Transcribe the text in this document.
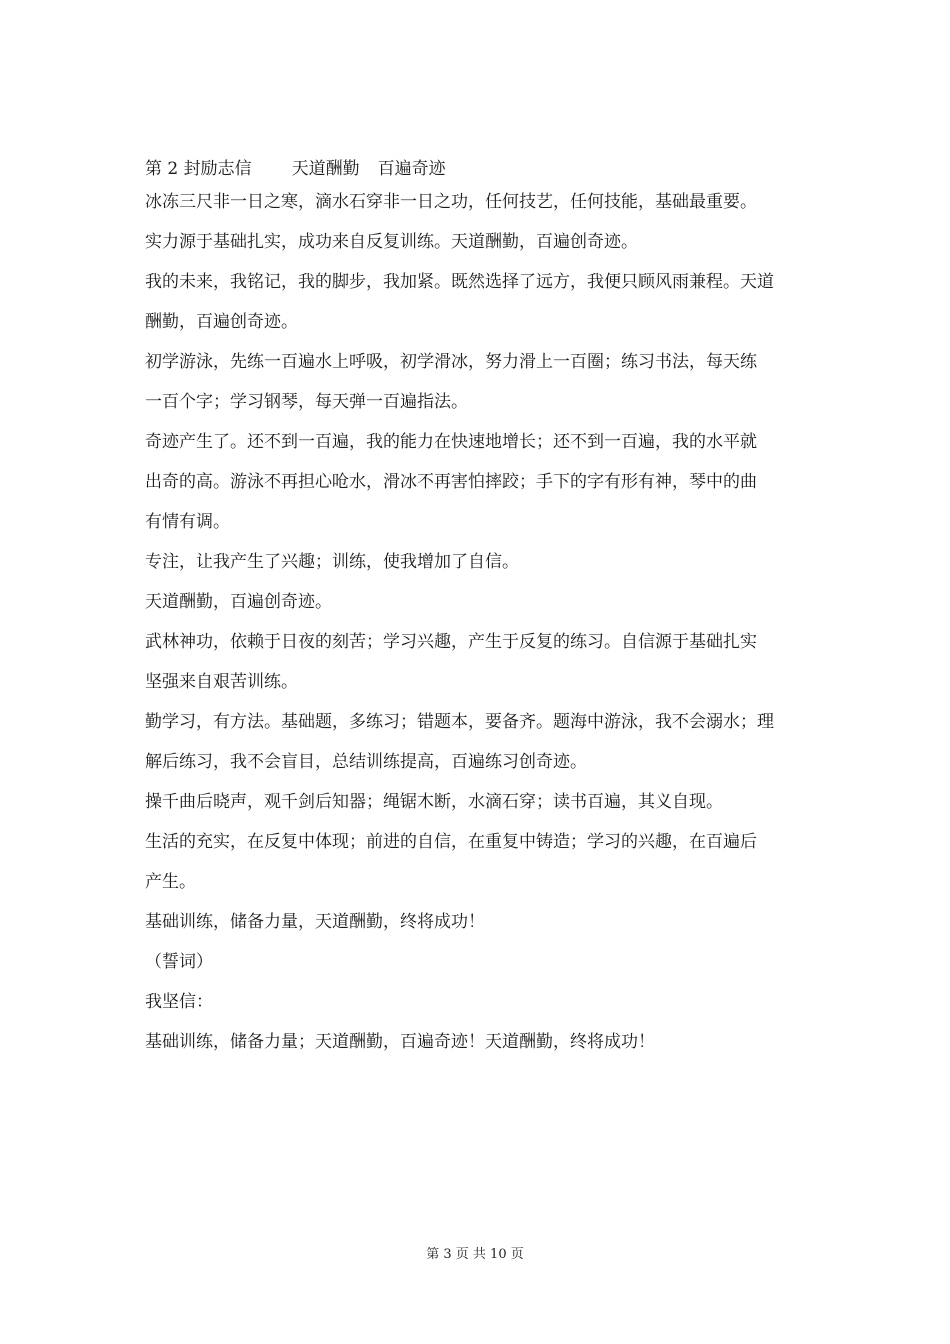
第 2 封励志信 天道酬勤 百遍奇迹

冰冻三尺非一日之寒，滴水石穿非一日之功，任何技艺，任何技能，基础最重要。

实力源于基础扎实，成功来自反复训练。天道酬勤，百遍创奇迹。

我的未来，我铭记，我的脚步，我加紧。既然选择了远方，我便只顾风雨兼程。天道

酬勤，百遍创奇迹。

初学游泳，先练一百遍水上呼吸，初学滑冰，努力滑上一百圈；练习书法，每天练

一百个字；学习钢琴，每天弹一百遍指法。

奇迹产生了。还不到一百遍，我的能力在快速地增长；还不到一百遍，我的水平就

出奇的高。游泳不再担心呛水，滑冰不再害怕摔跤；手下的字有形有神，琴中的曲

有情有调。

专注，让我产生了兴趣；训练，使我增加了自信。

天道酬勤，百遍创奇迹。

武林神功，依赖于日夜的刻苦；学习兴趣，产生于反复的练习。自信源于基础扎实

坚强来自艰苦训练。

勤学习，有方法。基础题，多练习；错题本，要备齐。题海中游泳，我不会溺水；理

解后练习，我不会盲目，总结训练提高，百遍练习创奇迹。

操千曲后晓声，观千剑后知器；绳锯木断，水滴石穿；读书百遍，其义自现。

生活的充实，在反复中体现；前进的自信，在重复中铸造；学习的兴趣，在百遍后

产生。

基础训练，储备力量，天道酬勤，终将成功！

（誓词）

我坚信：

基础训练，储备力量；天道酬勤，百遍奇迹！天道酬勤，终将成功！

第 3 页 共 10 页
